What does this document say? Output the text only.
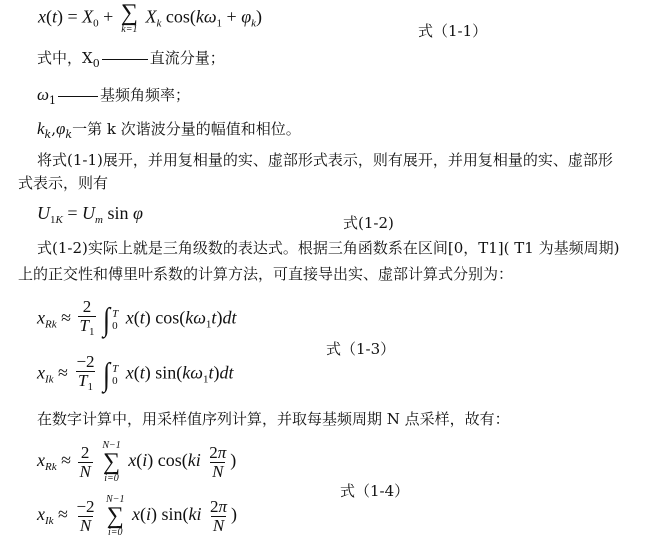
$x(t) = X_0$ + ∑
k=1
$X_k$ $\cos(k\omega_1 + \varphi_k)$
式（1-1）
式中，$X_0$	直流分量；
$\omega_1$	基频角频率；
$k_k,\varphi_k$一第 k 次谐波分量的幅值和相位。
将式(1-1)展开，并用复相量的实、虚部形式表示，则有展开，并用复相量的实、虚部形
式表示，则有
$U_{1K} = U_m$ sin φ	式(1-2)
式(1-2)实际上就是三角级数的表达式。根据三角函数系在区间[0，T1]( T1 为基频周期)
上的正交性和傅里叶系数的计算方法，可直接导出实、虚部计算式分别为：
$x_{Rk} \approx \frac{2}{T_1}$ ∫ T
0 x(t) $\cos(k\omega_1t)dt$
式（1-3）
$x_{Ik} \approx \frac{-2}{T_1}$ ∫ T
0 x(t) $\sin(k\omega_1t)dt$
在数字计算中，用采样值序列计算，并取每基频周期 N 点采样，故有：
$x_{Rk} \approx \frac{2}{N}$
N−1
∑
i=0
x(i) $\cos(ki \frac{2\pi}{N}$ )
式（1-4）
$x_{Ik} \approx \frac{-2}{N}$
N−1
∑
i=0
x(i) $\sin(ki \frac{2\pi}{N}$ )
